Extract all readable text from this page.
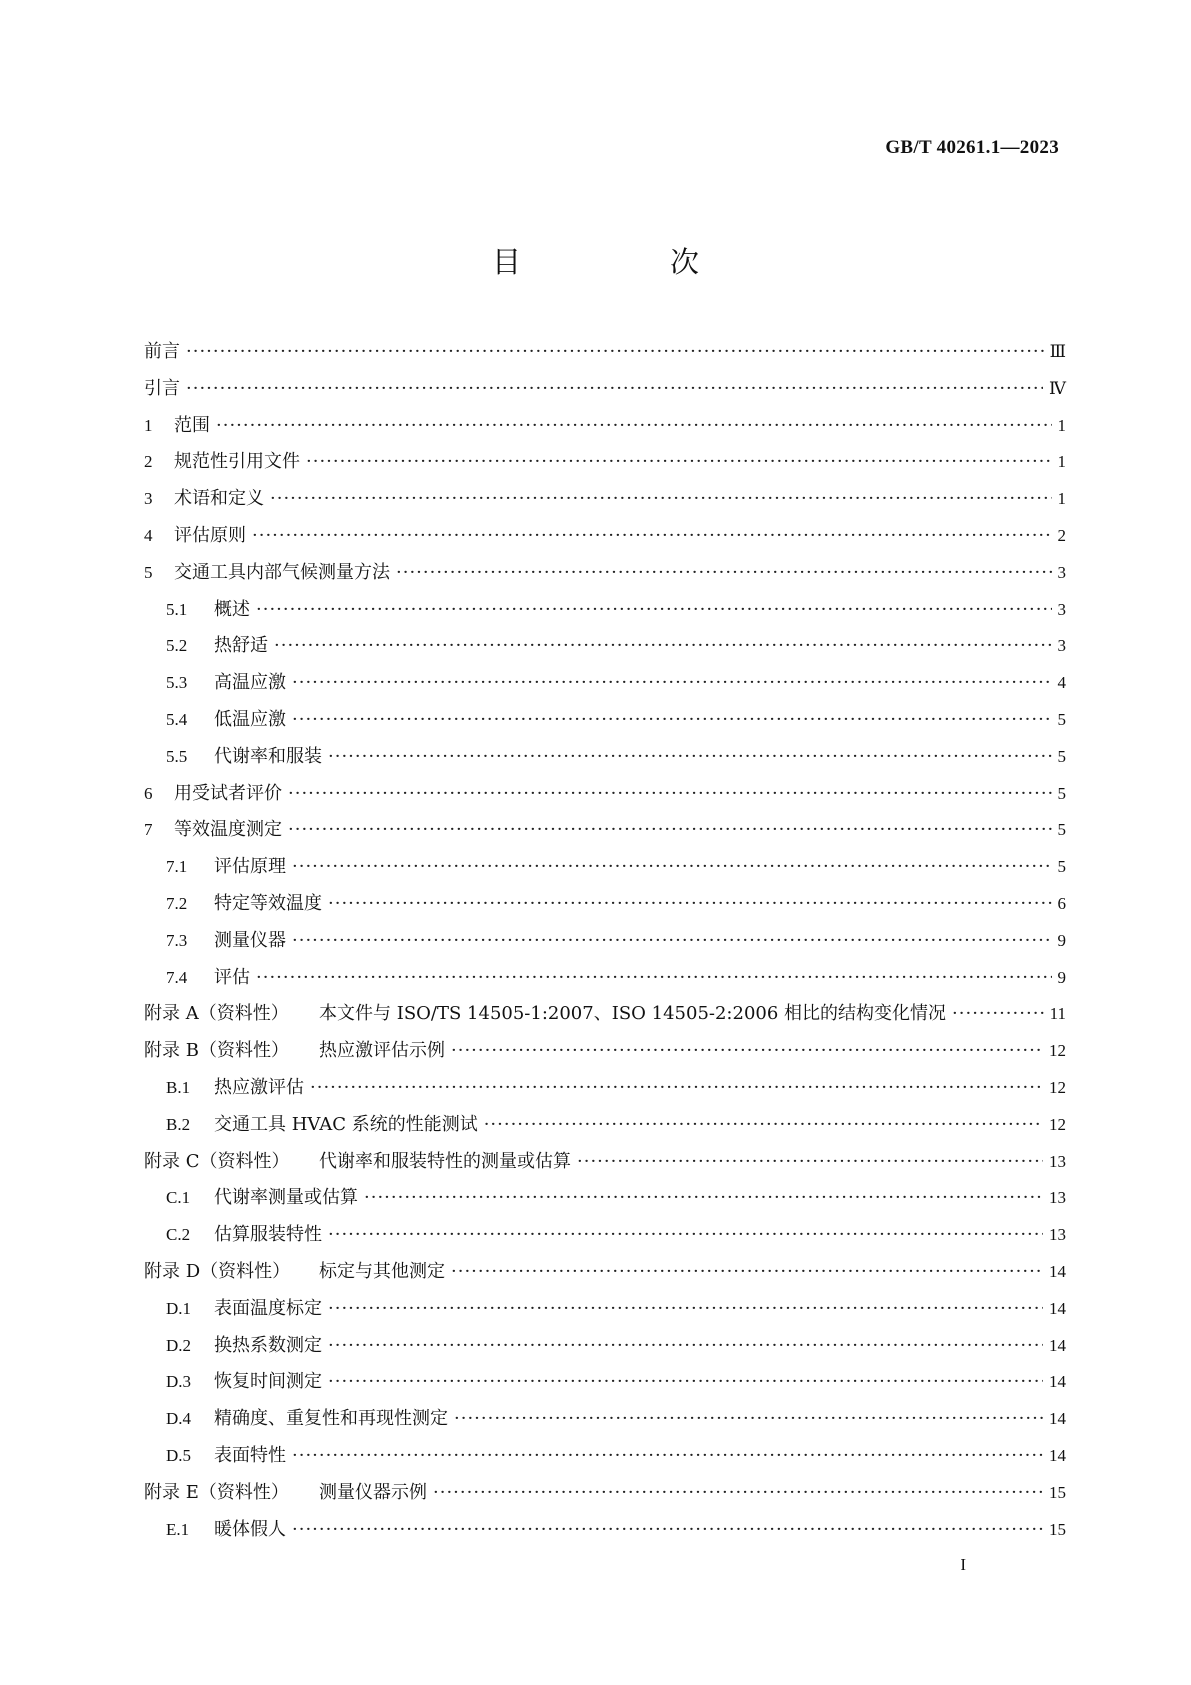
GB/T 40261.1—2023
目　次
前言 ·····	Ⅲ
引言 ·····	Ⅳ
1	范围 ·····	1
2	规范性引用文件 ·····	1
3	术语和定义 ·····	1
4	评估原则 ·····	2
5	交通工具内部气候测量方法 ·····	3
5.1	概述 ·····	3
5.2	热舒适 ·····	3
5.3	高温应激 ·····	4
5.4	低温应激 ·····	5
5.5	代谢率和服装 ·····	5
6	用受试者评价 ·····	5
7	等效温度测定 ·····	5
7.1	评估原理 ·····	5
7.2	特定等效温度 ·····	6
7.3	测量仪器 ·····	9
7.4	评估 ·····	9
附录 A（资料性）	本文件与 ISO/TS 14505-1:2007、ISO 14505-2:2006 相比的结构变化情况 ·····	11
附录 B（资料性）	热应激评估示例 ·····	12
B.1	热应激评估 ·····	12
B.2	交通工具 HVAC 系统的性能测试 ·····	12
附录 C（资料性）	代谢率和服装特性的测量或估算 ·····	13
C.1	代谢率测量或估算 ·····	13
C.2	估算服装特性 ·····	13
附录 D（资料性）	标定与其他测定 ·····	14
D.1	表面温度标定 ·····	14
D.2	换热系数测定 ·····	14
D.3	恢复时间测定 ·····	14
D.4	精确度、重复性和再现性测定 ·····	14
D.5	表面特性 ·····	14
附录 E（资料性）	测量仪器示例 ·····	15
E.1	暖体假人 ·····	15
I
